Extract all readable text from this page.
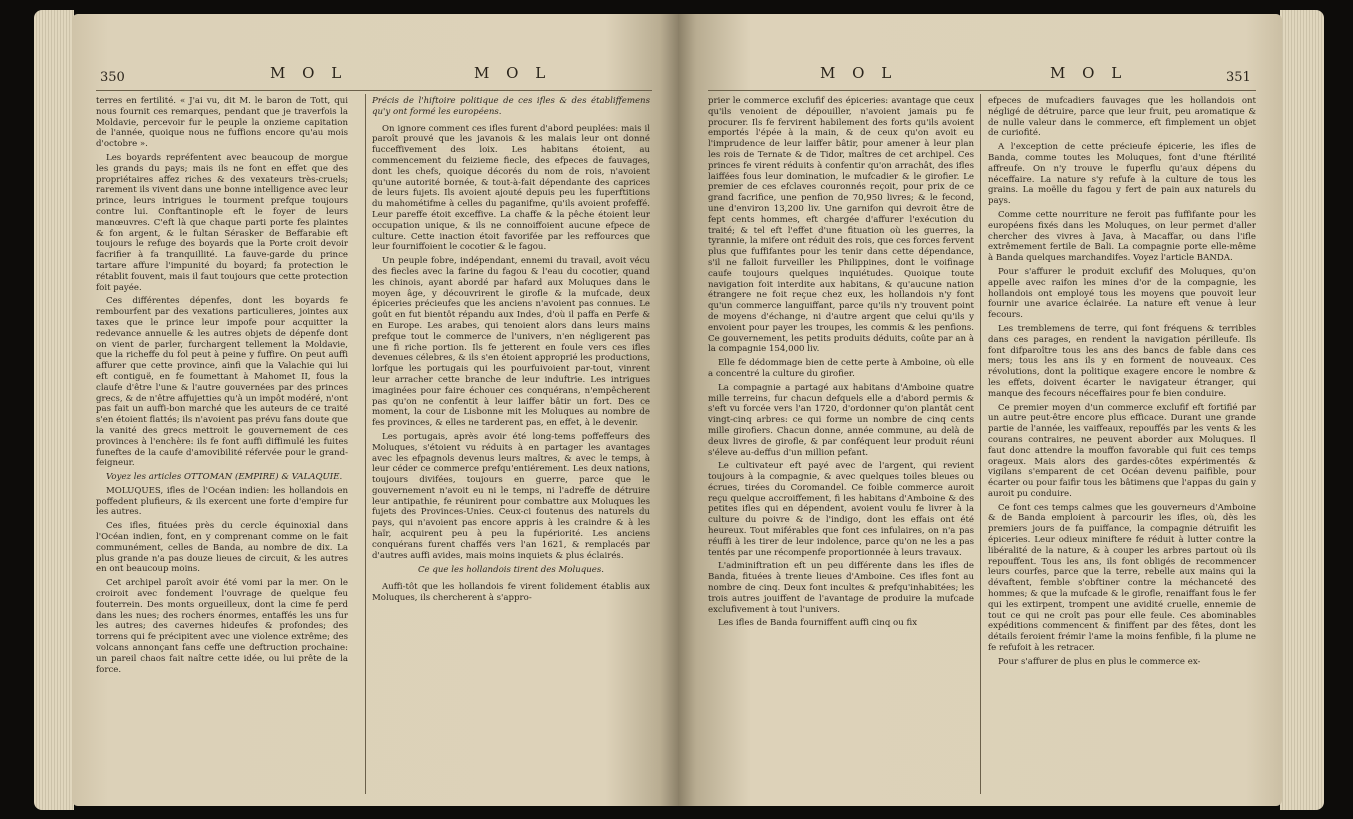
350	M O L	M O L

terres en fertilité. « J'ai vu, dit M. le baron de Tott, qui nous fournit ces remarques, pendant que je traverfois la Moldavie, percevoir fur le peuple la onzieme capitation de l'année, quoique nous ne fuffions encore qu'au mois d'octobre ».

Les boyards repréfentent avec beaucoup de morgue les grands du pays; mais ils ne font en effet que des propriétaires affez riches & des vexateurs très-cruels; rarement ils vivent dans une bonne intelligence avec leur prince, leurs intrigues le tourment prefque toujours contre lui. Conftantinople eft le foyer de leurs manœuvres. C'eft là que chaque parti porte fes plaintes & fon argent, & le fultan Sérasker de Beffarabie eft toujours le refuge des boyards que la Porte croit devoir facrifier à fa tranquillité. La fauve-garde du prince tartare affure l'impunité du boyard; fa protection le rétablit fouvent, mais il faut toujours que cette protection foit payée.

Ces différentes dépenfes, dont les boyards fe rembourfent par des vexations particulieres, jointes aux taxes que le prince leur impofe pour acquitter la redevance annuelle & les autres objets de dépenfe dont on vient de parler, furchargent tellement la Moldavie, que la richeffe du fol peut à peine y fuffire. On peut auffi affurer que cette province, ainfi que la Valachie qui lui eft contiguë, en fe foumettant à Mahomet II, fous la claufe d'être l'une & l'autre gouvernées par des princes grecs, & de n'être affujetties qu'à un impôt modéré, n'ont pas fait un auffi-bon marché que les auteurs de ce traité s'en étoient flattés; ils n'avoient pas prévu fans doute que la vanité des grecs mettroit le gouvernement de ces provinces à l'enchère: ils fe font auffi diffimulé les fuites funeftes de la caufe d'amovibilité réfervée pour le grand-feigneur.

Voyez les articles OTTOMAN (EMPIRE) & VALAQUIE.

MOLUQUES, ifles de l'Océan indien: les hollandois en poffedent plufieurs, & ils exercent une forte d'empire fur les autres.

Ces ifles, fituées près du cercle équinoxial dans l'Océan indien, font, en y comprenant comme on le fait communément, celles de Banda, au nombre de dix. La plus grande n'a pas douze lieues de circuit, & les autres en ont beaucoup moins.

Cet archipel paroît avoir été vomi par la mer. On le croiroit avec fondement l'ouvrage de quelque feu fouterrein. Des monts orgueilleux, dont la cime fe perd dans les nues; des rochers énormes, entaffés les uns fur les autres; des cavernes hideufes & profondes; des torrens qui fe précipitent avec une violence extrême; des volcans annonçant fans ceffe une deftruction prochaine: un pareil chaos fait naître cette idée, ou lui prête de la force.

Précis de l'hiftoire politique de ces ifles & des établiffemens qu'y ont formé les européens.

On ignore comment ces ifles furent d'abord peuplées: mais il paroît prouvé que les javanois & les malais leur ont donné fucceffivement des loix. Les habitans étoient, au commencement du feizieme fiecle, des efpeces de fauvages, dont les chefs, quoique décorés du nom de rois, n'avoient qu'une autorité bornée, & tout-à-fait dépendante des caprices de leurs fujets. Ils avoient ajouté depuis peu les fuperftitions du mahométifme à celles du paganifme, qu'ils avoient profeffé. Leur pareffe étoit exceffive. La chaffe & la pêche étoient leur occupation unique, & ils ne connoiffoient aucune efpece de culture. Cette inaction étoit favorifée par les reffources que leur fourniffoient le cocotier & le fagou.

Un peuple fobre, indépendant, ennemi du travail, avoit vécu des fiecles avec la farine du fagou & l'eau du cocotier, quand les chinois, ayant abordé par hafard aux Moluques dans le moyen âge, y découvrirent le girofle & la mufcade, deux épiceries précieufes que les anciens n'avoient pas connues. Le goût en fut bientôt répandu aux Indes, d'où il paffa en Perfe & en Europe. Les arabes, qui tenoient alors dans leurs mains prefque tout le commerce de l'univers, n'en négligerent pas une fi riche portion. Ils fe jetterent en foule vers ces ifles devenues célebres, & ils s'en étoient approprié les productions, lorfque les portugais qui les pourfuivoient par-tout, vinrent leur arracher cette branche de leur induftrie. Les intrigues imaginées pour faire échouer ces conquérans, n'empêcherent pas qu'on ne confentit à leur laiffer bâtir un fort. Des ce moment, la cour de Lisbonne mit les Moluques au nombre de fes provinces, & elles ne tarderent pas, en effet, à le devenir.

Les portugais, après avoir été long-tems poffeffeurs des Moluques, s'étoient vu réduits à en partager les avantages avec les efpagnols devenus leurs maîtres, & avec le temps, à leur céder ce commerce prefqu'entiérement. Les deux nations, toujours divifées, toujours en guerre, parce que le gouvernement n'avoit eu ni le temps, ni l'adreffe de détruire leur antipathie, fe réunirent pour combattre aux Moluques les fujets des Provinces-Unies. Ceux-ci foutenus des naturels du pays, qui n'avoient pas encore appris à les craindre & à les haïr, acquirent peu à peu la fupériorité. Les anciens conquérans furent chaffés vers l'an 1621, & remplacés par d'autres auffi avides, mais moins inquiets & plus éclairés.

Ce que les hollandois tirent des Moluques.

Auffi-tôt que les hollandois fe virent folidement établis aux Moluques, ils chercherent à s'appro-

M O L	M O L	351

prier le commerce exclufif des épiceries: avantage que ceux qu'ils venoient de dépouiller, n'avoient jamais pu fe procurer. Ils fe fervirent habilement des forts qu'ils avoient emportés l'épée à la main, & de ceux qu'on avoit eu l'imprudence de leur laiffer bâtir, pour amener à leur plan les rois de Ternate & de Tidor, maîtres de cet archipel. Ces princes fe virent réduits à confentir qu'on arrachât, des ifles laiffées fous leur domination, le mufcadier & le girofier. Le premier de ces efclaves couronnés reçoit, pour prix de ce grand facrifice, une penfion de 70,950 livres; & le fecond, une d'environ 13,200 liv. Une garnifon qui devroit être de fept cents hommes, eft chargée d'affurer l'exécution du traité; & tel eft l'effet d'une fituation où les guerres, la tyrannie, la mifere ont réduit des rois, que ces forces fervent plus que fuffifantes pour les tenir dans cette dépendance, s'il ne falloit furveiller les Philippines, dont le voifinage caufe toujours quelques inquiétudes. Quoique toute navigation foit interdite aux habitans, & qu'aucune nation étrangere ne foit reçue chez eux, les hollandois n'y font qu'un commerce languiffant, parce qu'ils n'y trouvent point de moyens d'échange, ni d'autre argent que celui qu'ils y envoient pour payer les troupes, les commis & les penfions. Ce gouvernement, les petits produits déduits, coûte par an à la compagnie 154,000 liv.

Elle fe dédommage bien de cette perte à Amboine, où elle a concentré la culture du girofier.

La compagnie a partagé aux habitans d'Amboine quatre mille terreins, fur chacun defquels elle a d'abord permis & s'eft vu forcée vers l'an 1720, d'ordonner qu'on plantât cent vingt-cinq arbres: ce qui forme un nombre de cinq cents mille girofiers. Chacun donne, année commune, au delà de deux livres de girofle, & par conféquent leur produit réuni s'éleve au-deffus d'un million pefant.

Le cultivateur eft payé avec de l'argent, qui revient toujours à la compagnie, & avec quelques toiles bleues ou écrues, tirées du Coromandel. Ce foible commerce auroit reçu quelque accroiffement, fi les habitans d'Amboine & des petites ifles qui en dépendent, avoient voulu fe livrer à la culture du poivre & de l'indigo, dont les effais ont été heureux. Tout miférables que font ces infulaires, on n'a pas réuffi à les tirer de leur indolence, parce qu'on ne les a pas tentés par une récompenfe proportionnée à leurs travaux.

L'adminiftration eft un peu différente dans les ifles de Banda, fituées à trente lieues d'Amboine. Ces ifles font au nombre de cinq. Deux font incultes & prefqu'inhabitées; les trois autres jouiffent de l'avantage de produire la mufcade exclufivement à tout l'univers.

Les ifles de Banda fourniffent auffi cinq ou fix

efpeces de mufcadiers fauvages que les hollandois ont négligé de détruire, parce que leur fruit, peu aromatique & de nulle valeur dans le commerce, eft fimplement un objet de curiofité.

A l'exception de cette précieufe épicerie, les ifles de Banda, comme toutes les Moluques, font d'une ftérilité affreufe. On n'y trouve le fuperflu qu'aux dépens du néceffaire. La nature s'y refufe à la culture de tous les grains. La moëlle du fagou y fert de pain aux naturels du pays.

Comme cette nourriture ne feroit pas fuffifante pour les européens fixés dans les Moluques, on leur permet d'aller chercher des vivres à Java, à Macaffar, ou dans l'ifle extrêmement fertile de Bali. La compagnie porte elle-même à Banda quelques marchandifes. Voyez l'article BANDA.

Pour s'affurer le produit exclufif des Moluques, qu'on appelle avec raifon les mines d'or de la compagnie, les hollandois ont employé tous les moyens que pouvoit leur fournir une avarice éclairée. La nature eft venue à leur fecours.

Les tremblemens de terre, qui font fréquens & terribles dans ces parages, en rendent la navigation périlleufe. Ils font difparoître tous les ans des bancs de fable dans ces mers; tous les ans ils y en forment de nouveaux. Ces révolutions, dont la politique exagere encore le nombre & les effets, doivent écarter le navigateur étranger, qui manque des fecours néceffaires pour fe bien conduire.

Ce premier moyen d'un commerce exclufif eft fortifié par un autre peut-être encore plus efficace. Durant une grande partie de l'année, les vaiffeaux, repouffés par les vents & les courans contraires, ne peuvent aborder aux Moluques. Il faut donc attendre la mouffon favorable qui fuit ces temps orageux. Mais alors des gardes-côtes expérimentés & vigilans s'emparent de cet Océan devenu paifible, pour écarter ou pour faifir tous les bâtimens que l'appas du gain y auroit pu conduire.

Ce font ces temps calmes que les gouverneurs d'Amboine & de Banda emploient à parcourir les ifles, où, dès les premiers jours de fa puiffance, la compagnie détruifit les épiceries. Leur odieux miniftere fe réduit à lutter contre la libéralité de la nature, & à couper les arbres partout où ils repouffent. Tous les ans, ils font obligés de recommencer leurs courfes, parce que la terre, rebelle aux mains qui la dévaftent, femble s'obftiner contre la méchanceté des hommes; & que la mufcade & le girofle, renaiffant fous le fer qui les extirpent, trompent une avidité cruelle, ennemie de tout ce qui ne croît pas pour elle feule. Ces abominables expéditions commencent & finiffent par des fêtes, dont les détails feroient frémir l'ame la moins fenfible, fi la plume ne fe refufoit à les retracer.

Pour s'affurer de plus en plus le commerce ex-
